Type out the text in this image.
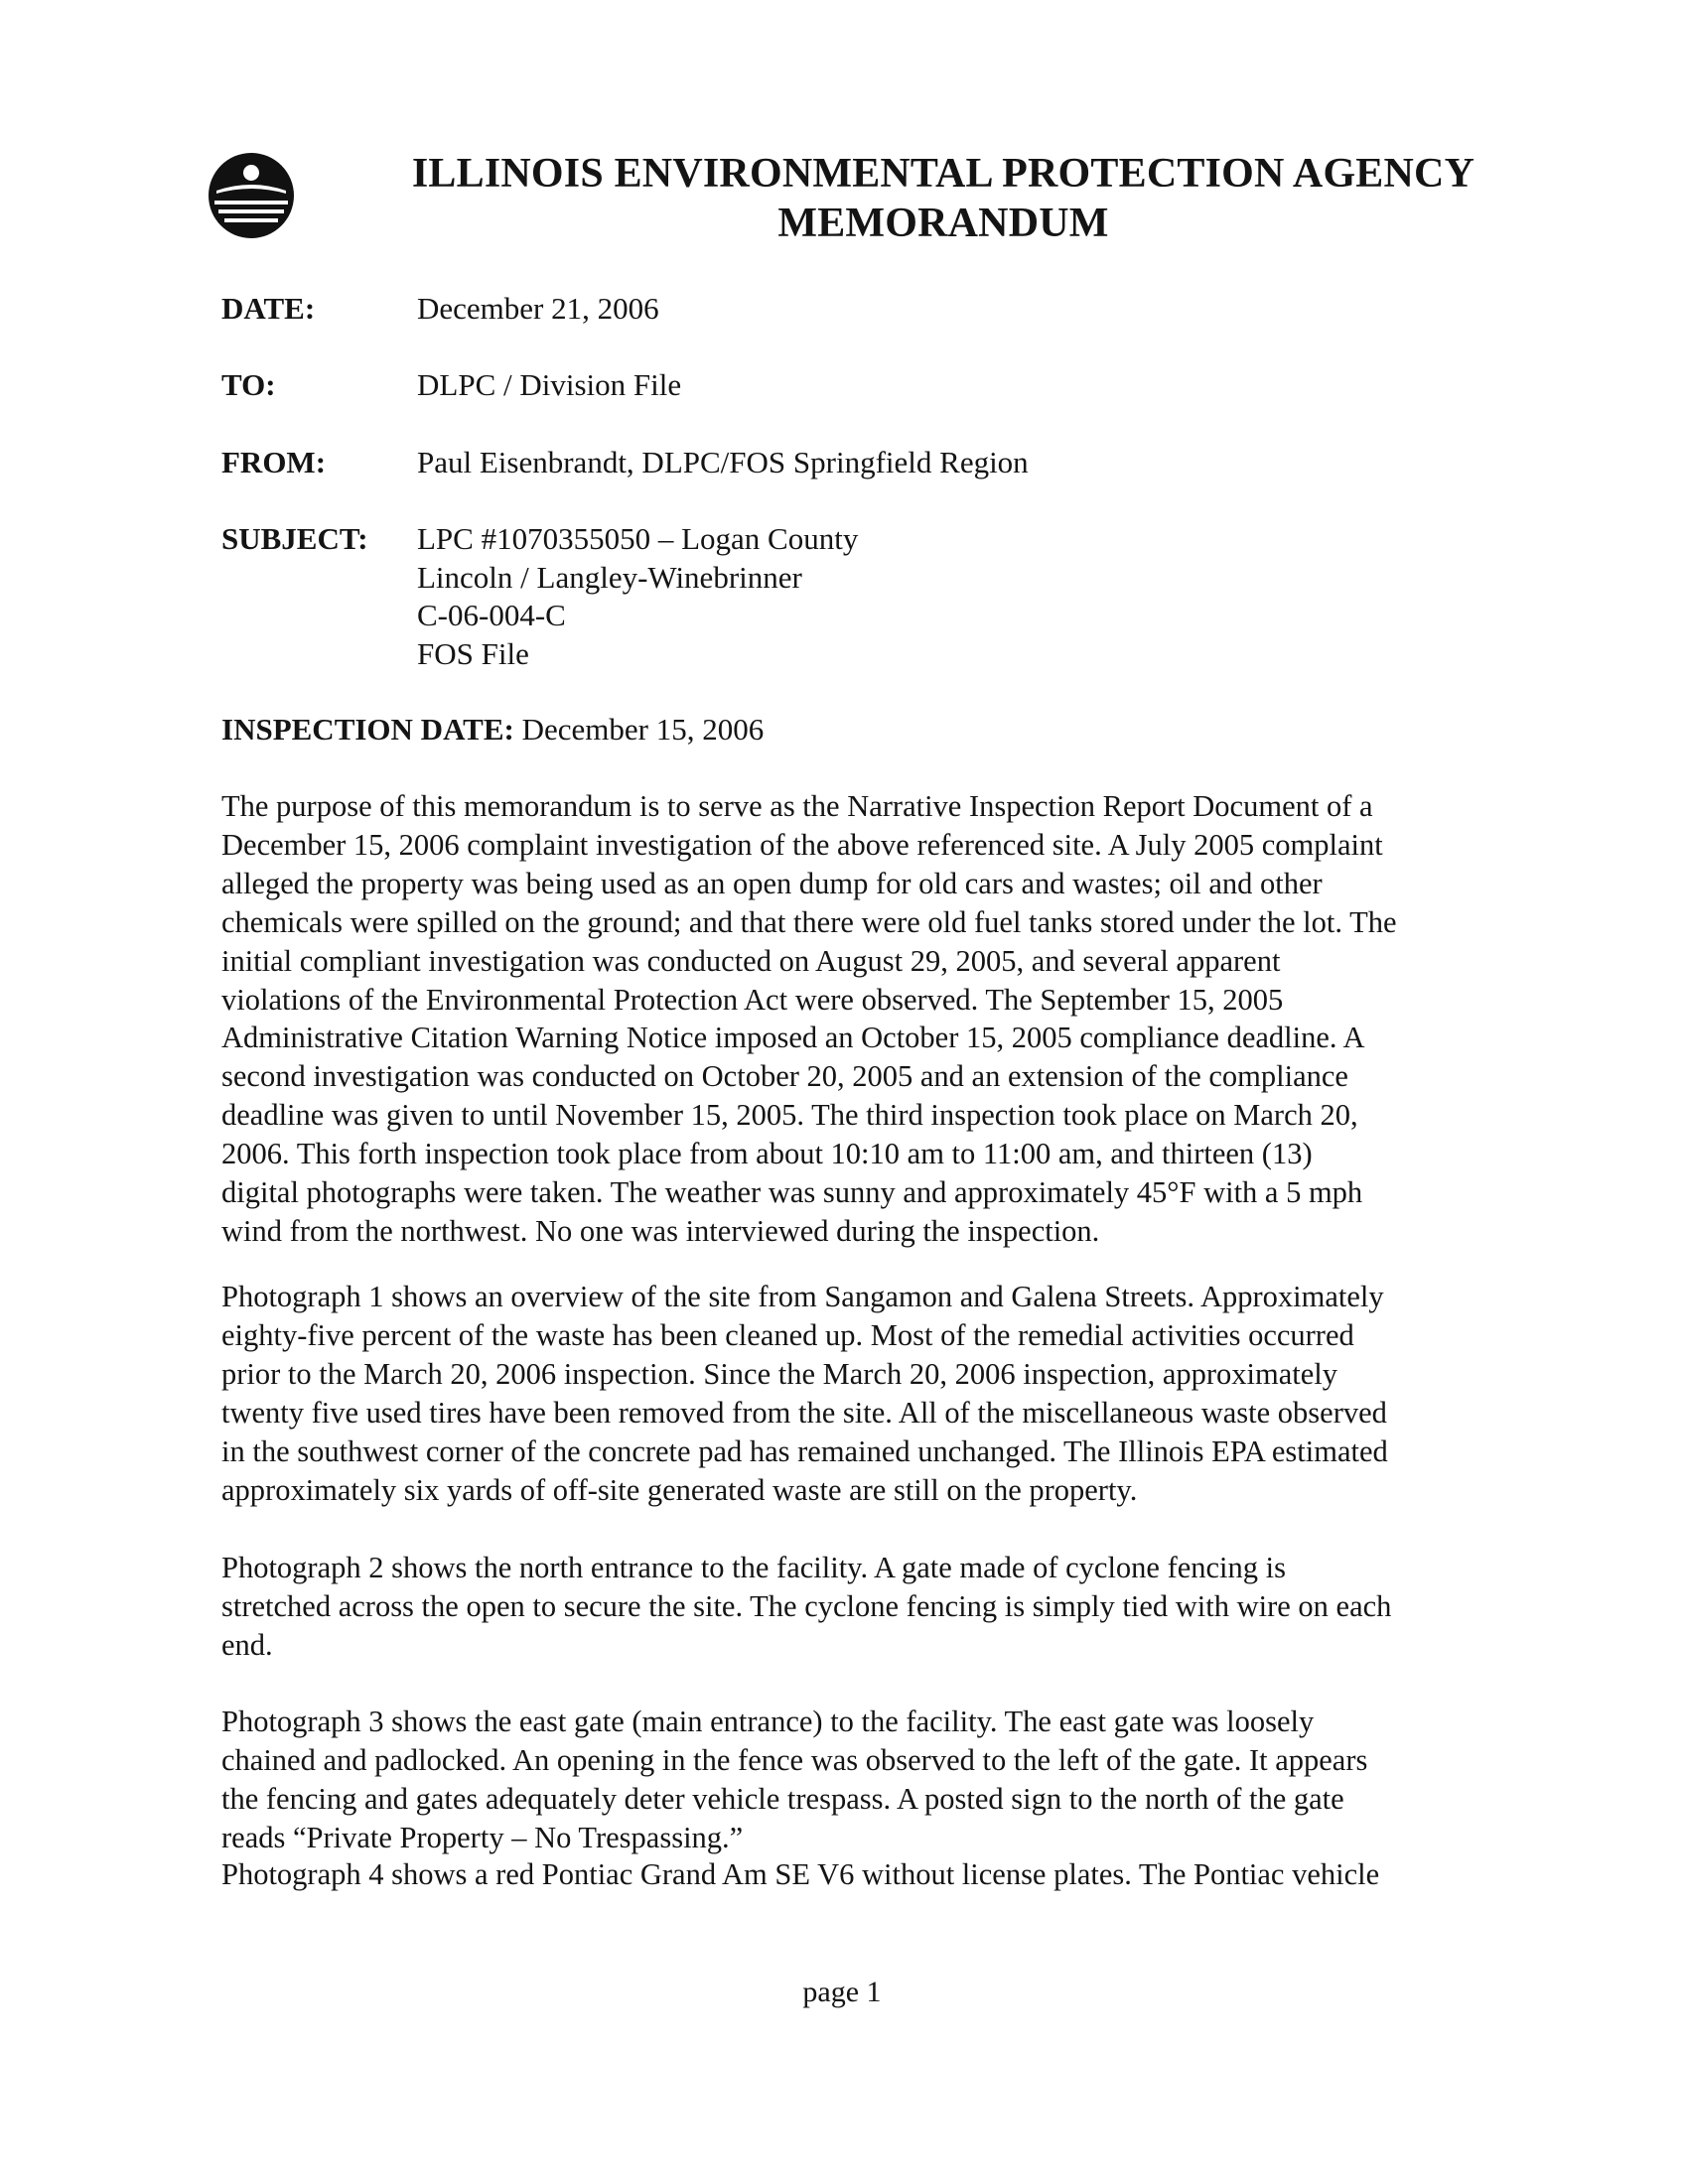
ILLINOIS ENVIRONMENTAL PROTECTION AGENCY
MEMORANDUM
DATE:	December 21, 2006
TO:	DLPC / Division File
FROM:	Paul Eisenbrandt, DLPC/FOS Springfield Region
SUBJECT: LPC #1070355050 – Logan County
Lincoln / Langley-Winebrinner
C-06-004-C
FOS File
INSPECTION DATE: December 15, 2006
The purpose of this memorandum is to serve as the Narrative Inspection Report Document of a
December 15, 2006 complaint investigation of the above referenced site. A July 2005 complaint
alleged the property was being used as an open dump for old cars and wastes; oil and other
chemicals were spilled on the ground; and that there were old fuel tanks stored under the lot. The
initial compliant investigation was conducted on August 29, 2005, and several apparent
violations of the Environmental Protection Act were observed. The September 15, 2005
Administrative Citation Warning Notice imposed an October 15, 2005 compliance deadline. A
second investigation was conducted on October 20, 2005 and an extension of the compliance
deadline was given to until November 15, 2005. The third inspection took place on March 20,
2006. This forth inspection took place from about 10:10 am to 11:00 am, and thirteen (13)
digital photographs were taken. The weather was sunny and approximately 45°F with a 5 mph
wind from the northwest. No one was interviewed during the inspection.
Photograph 1 shows an overview of the site from Sangamon and Galena Streets. Approximately
eighty-five percent of the waste has been cleaned up. Most of the remedial activities occurred
prior to the March 20, 2006 inspection. Since the March 20, 2006 inspection, approximately
twenty five used tires have been removed from the site. All of the miscellaneous waste observed
in the southwest corner of the concrete pad has remained unchanged. The Illinois EPA estimated
approximately six yards of off-site generated waste are still on the property.
Photograph 2 shows the north entrance to the facility. A gate made of cyclone fencing is
stretched across the open to secure the site. The cyclone fencing is simply tied with wire on each
end.
Photograph 3 shows the east gate (main entrance) to the facility. The east gate was loosely
chained and padlocked. An opening in the fence was observed to the left of the gate. It appears
the fencing and gates adequately deter vehicle trespass. A posted sign to the north of the gate
reads “Private Property – No Trespassing.”
Photograph 4 shows a red Pontiac Grand Am SE V6 without license plates. The Pontiac vehicle
page 1
